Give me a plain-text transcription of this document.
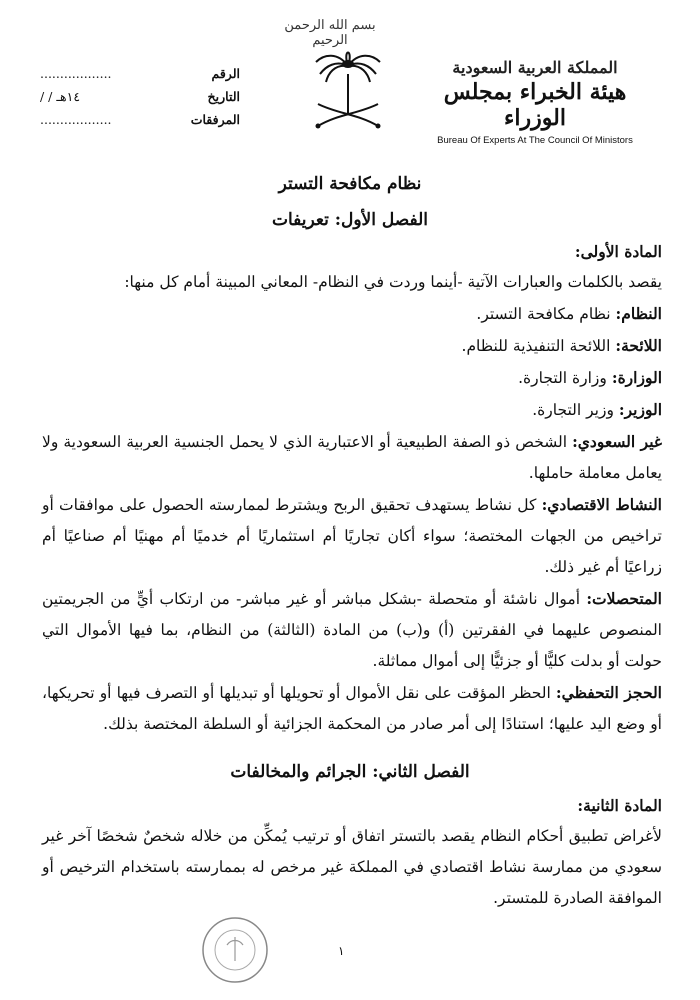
بسم الله الرحمن الرحيم
المملكة العربية السعودية
هيئة الخبراء بمجلس الوزراء
Bureau Of Experts At The Council Of Ministors
الرقم
..................
التاريخ
/ / ١٤هـ
المرفقات
..................
نظام مكافحة التستر
الفصل الأول: تعريفات

المادة الأولى:

يقصد بالكلمات والعبارات الآتية -أينما وردت في النظام- المعاني المبينة أمام كل منها:

النظام: نظام مكافحة التستر.

اللائحة: اللائحة التنفيذية للنظام.

الوزارة: وزارة التجارة.

الوزير: وزير التجارة.

غير السعودي: الشخص ذو الصفة الطبيعية أو الاعتبارية الذي لا يحمل الجنسية العربية السعودية ولا يعامل معاملة حاملها.

النشاط الاقتصادي: كل نشاط يستهدف تحقيق الربح ويشترط لممارسته الحصول على موافقات أو تراخيص من الجهات المختصة؛ سواء أكان تجاريًا أم استثماريًا أم خدميًا أم مهنيًا أم صناعيًا أم زراعيًا أم غير ذلك.

المتحصلات: أموال ناشئة أو متحصلة -بشكل مباشر أو غير مباشر- من ارتكاب أيٍّ من الجريمتين المنصوص عليهما في الفقرتين (أ) و(ب) من المادة (الثالثة) من النظام، بما فيها الأموال التي حولت أو بدلت كليًّا أو جزئيًّا إلى أموال مماثلة.

الحجز التحفظي: الحظر المؤقت على نقل الأموال أو تحويلها أو تبديلها أو التصرف فيها أو تحريكها، أو وضع اليد عليها؛ استنادًا إلى أمر صادر من المحكمة الجزائية أو السلطة المختصة بذلك.

الفصل الثاني: الجرائم والمخالفات

المادة الثانية:

لأغراض تطبيق أحكام النظام يقصد بالتستر اتفاق أو ترتيب يُمكِّن من خلاله شخصٌ شخصًا آخر غير سعودي من ممارسة نشاط اقتصادي في المملكة غير مرخص له بممارسته باستخدام الترخيص أو الموافقة الصادرة للمتستر.

١
